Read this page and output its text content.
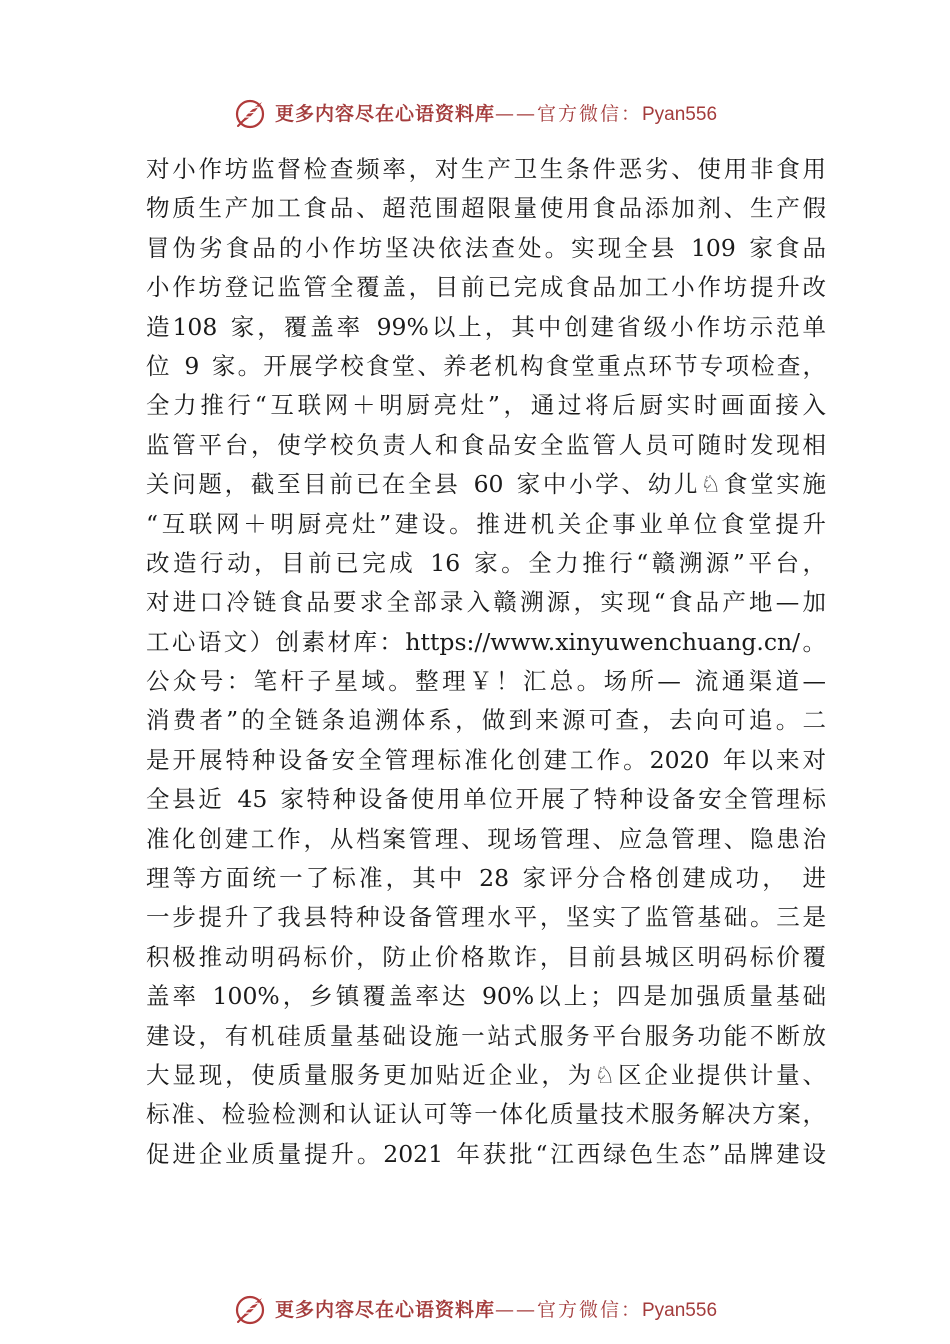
更多内容尽在心语资料库 —— 官方微信： Pyan556
对小作坊监督检查频率，对生产卫生条件恶劣、使用非食用
物质生产加工食品、超范围超限量使用食品添加剂、生产假
冒伪劣食品的小作坊坚决依法查处。实现全县 109 家食品
小作坊登记监管全覆盖，目前已完成食品加工小作坊提升改
造108 家，覆盖率 99%以上，其中创建省级小作坊示范单
位 9 家。开展学校食堂、养老机构食堂重点环节专项检查，
全力推行“互联网＋明厨亮灶”，通过将后厨实时画面接入
监管平台，使学校负责人和食品安全监管人员可随时发现相
关问题，截至目前已在全县 60 家中小学、幼儿♘食堂实施
“互联网＋明厨亮灶”建设。推进机关企事业单位食堂提升
改造行动，目前已完成 16 家。全力推行“赣溯源”平台，
对进口冷链食品要求全部录入赣溯源，实现“食品产地—加
工心语文）创素材库：https://www.xinyuwenchuang.cn/。
公众号：笔杆子星域。整理￥！汇总。场所— 流通渠道—
消费者”的全链条追溯体系，做到来源可查，去向可追。二
是开展特种设备安全管理标准化创建工作。2020 年以来对
全县近 45 家特种设备使用单位开展了特种设备安全管理标
准化创建工作，从档案管理、现场管理、应急管理、隐患治
理等方面统一了标准，其中 28 家评分合格创建成功， 进
一步提升了我县特种设备管理水平，坚实了监管基础。三是
积极推动明码标价，防止价格欺诈，目前县城区明码标价覆
盖率 100%，乡镇覆盖率达 90%以上；四是加强质量基础
建设，有机硅质量基础设施一站式服务平台服务功能不断放
大显现，使质量服务更加贴近企业，为♘区企业提供计量、
标准、检验检测和认证认可等一体化质量技术服务解决方案，
促进企业质量提升。2021 年获批“江西绿色生态”品牌建设
更多内容尽在心语资料库 —— 官方微信： Pyan556
